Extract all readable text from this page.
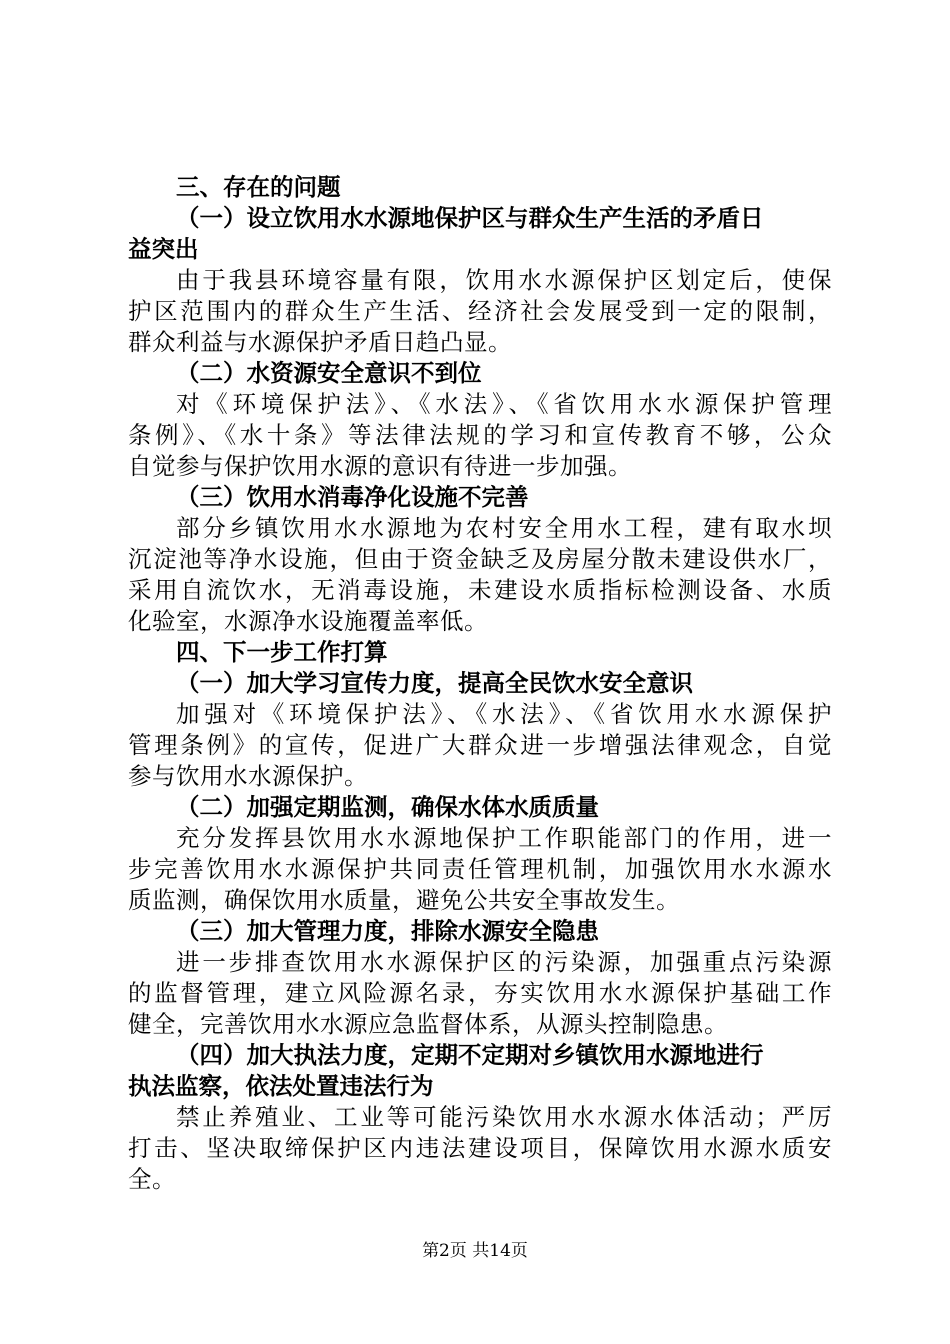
三、存在的问题
（一）设立饮用水水源地保护区与群众生产生活的矛盾日
益突出
由于我县环境容量有限，饮用水水源保护区划定后，使保
护区范围内的群众生产生活、经济社会发展受到一定的限制，
群众利益与水源保护矛盾日趋凸显。
（二）水资源安全意识不到位
对《环境保护法》、《水法》、《省饮用水水源保护管理
条例》、《水十条》等法律法规的学习和宣传教育不够，公众
自觉参与保护饮用水源的意识有待进一步加强。
（三）饮用水消毒净化设施不完善
部分乡镇饮用水水源地为农村安全用水工程，建有取水坝
沉淀池等净水设施，但由于资金缺乏及房屋分散未建设供水厂，
采用自流饮水，无消毒设施，未建设水质指标检测设备、水质
化验室，水源净水设施覆盖率低。
四、下一步工作打算
（一）加大学习宣传力度，提高全民饮水安全意识
加强对《环境保护法》、《水法》、《省饮用水水源保护
管理条例》的宣传，促进广大群众进一步增强法律观念，自觉
参与饮用水水源保护。
（二）加强定期监测，确保水体水质质量
充分发挥县饮用水水源地保护工作职能部门的作用，进一
步完善饮用水水源保护共同责任管理机制，加强饮用水水源水
质监测，确保饮用水质量，避免公共安全事故发生。
（三）加大管理力度，排除水源安全隐患
进一步排查饮用水水源保护区的污染源，加强重点污染源
的监督管理，建立风险源名录，夯实饮用水水源保护基础工作
健全，完善饮用水水源应急监督体系，从源头控制隐患。
（四）加大执法力度，定期不定期对乡镇饮用水源地进行
执法监察，依法处置违法行为
禁止养殖业、工业等可能污染饮用水水源水体活动；严厉
打击、坚决取缔保护区内违法建设项目，保障饮用水源水质安
全。
第2页 共14页
